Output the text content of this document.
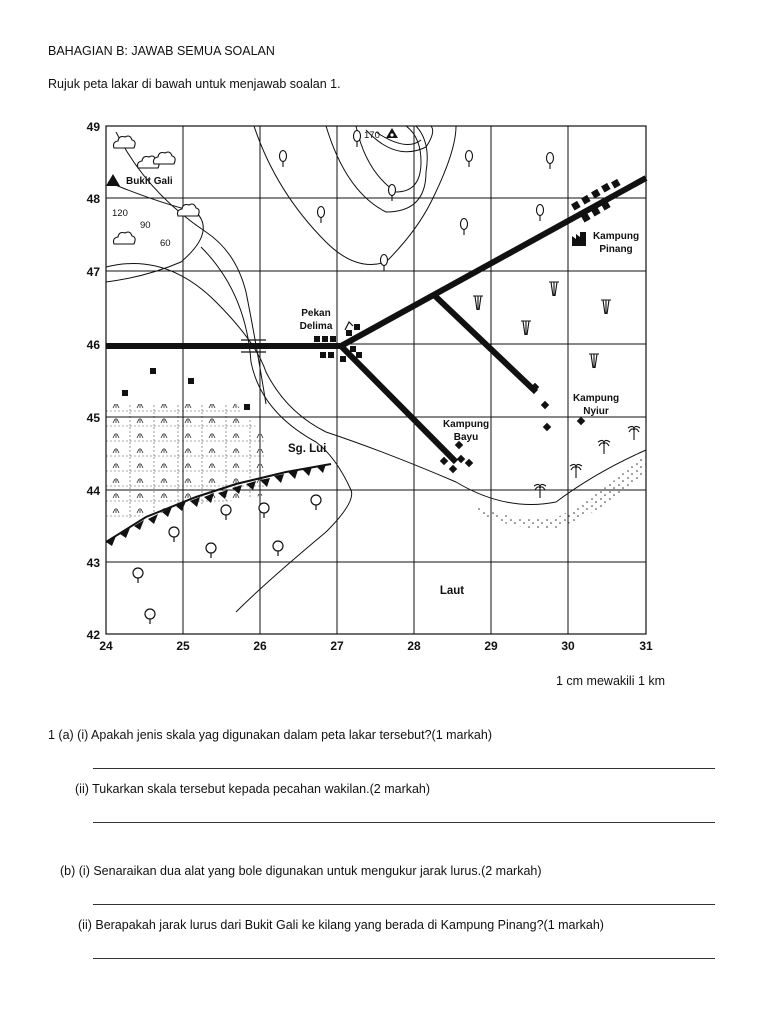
BAHAGIAN B: JAWAB SEMUA SOALAN
Rujuk peta lakar di bawah untuk menjawab soalan 1.
24	25	26	27	28	29	30	31
49
48
47
46
45
44
43
42
Bukit Gali
120
90
60
170
Pekan
Delima
Kampung
Pinang
Kampung
Nyiur
Kampung
Bayu
Sg. Lui
Laut
1 cm mewakili 1 km
1 (a) (i) Apakah jenis skala yag digunakan dalam peta lakar tersebut?(1 markah)
(ii) Tukarkan skala tersebut kepada pecahan wakilan.(2 markah)
(b) (i) Senaraikan dua alat yang bole digunakan untuk mengukur jarak lurus.(2 markah)
(ii) Berapakah jarak lurus dari Bukit Gali ke kilang yang berada di Kampung Pinang?(1 markah)
